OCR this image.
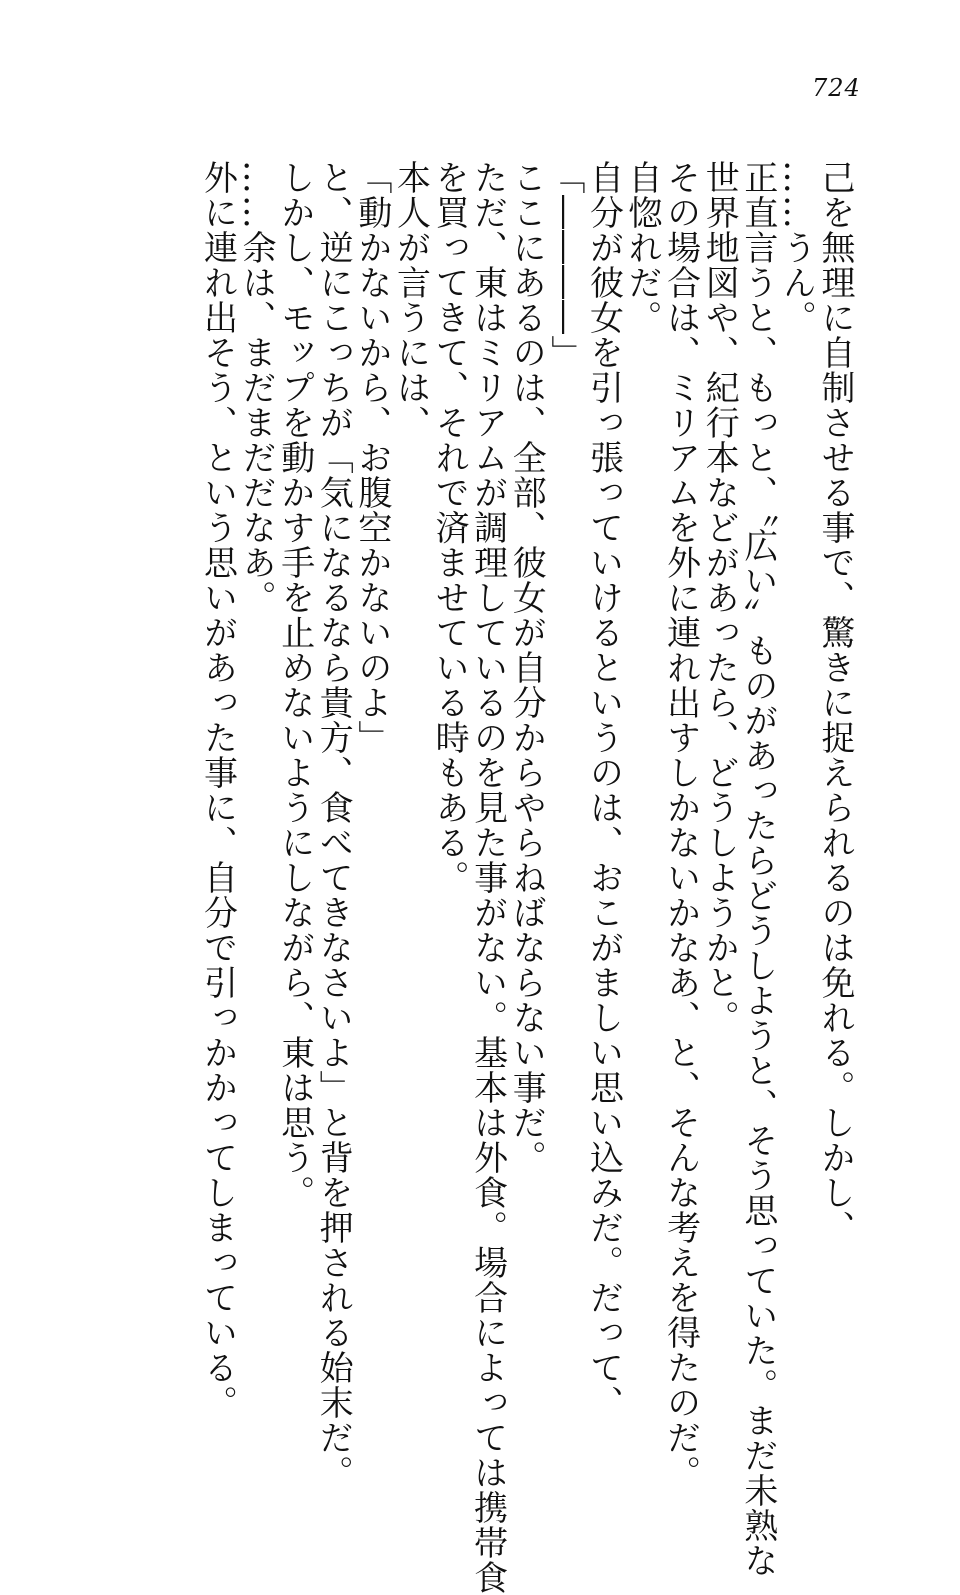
724
己を無理に自制させる事で、驚きに捉えられるのは免れる。しかし、
……うん。
正直言うと、もっと、〝広い〟ものがあったらどうしようと、そう思っていた。まだ未熟な
世界地図や、紀行本などがあったら、どうしようかと。
その場合は、ミリアムを外に連れ出すしかないかなあ、と、そんな考えを得たのだ。
自惚れだ。
自分が彼女を引っ張っていけるというのは、おこがましい思い込みだ。だって、
「――――」
ここにあるのは、全部、彼女が自分からやらねばならない事だ。
ただ、東はミリアムが調理しているのを見た事がない。基本は外食。場合によっては携帯食
を買ってきて、それで済ませている時もある。
本人が言うには、
「動かないから、お腹空かないのよ」
と、逆にこっちが「気になるなら貴方、食べてきなさいよ」と背を押される始末だ。
しかし、モップを動かす手を止めないようにしながら、東は思う。
……余は、まだまだだなあ。
外に連れ出そう、という思いがあった事に、自分で引っかかってしまっている。
